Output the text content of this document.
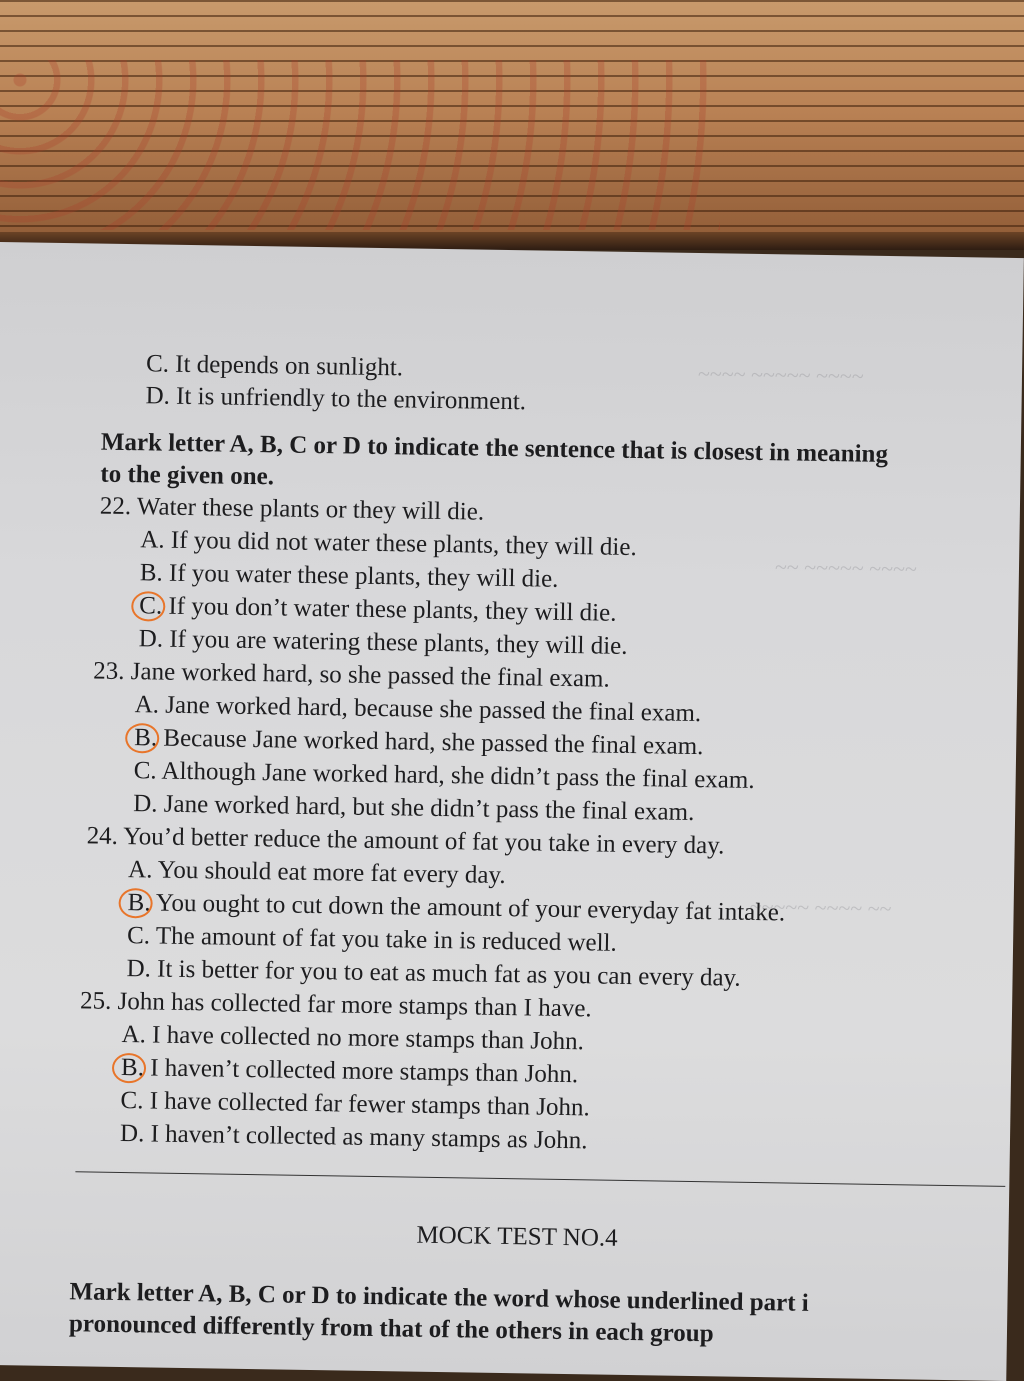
~~~~ ~~~~~ ~~~~
~~ ~~~~~ ~~~~
~~~~~ ~~~~ ~~
C. It depends on sunlight.
D. It is unfriendly to the environment.
Mark letter A, B, C or D to indicate the sentence that is closest in meaning
to the given one.
22. Water these plants or they will die.
A. If you did not water these plants, they will die.
B. If you water these plants, they will die.
C. If you don’t water these plants, they will die.
D. If you are watering these plants, they will die.
23. Jane worked hard, so she passed the final exam.
A. Jane worked hard, because she passed the final exam.
B. Because Jane worked hard, she passed the final exam.
C. Although Jane worked hard, she didn’t pass the final exam.
D. Jane worked hard, but she didn’t pass the final exam.
24. You’d better reduce the amount of fat you take in every day.
A. You should eat more fat every day.
B. You ought to cut down the amount of your everyday fat intake.
C. The amount of fat you take in is reduced well.
D. It is better for you to eat as much fat as you can every day.
25. John has collected far more stamps than I have.
A. I have collected no more stamps than John.
B. I haven’t collected more stamps than John.
C. I have collected far fewer stamps than John.
D. I haven’t collected as many stamps as John.
MOCK TEST NO.4
Mark letter A, B, C or D to indicate the word whose underlined part i
pronounced differently from that of the others in each group
